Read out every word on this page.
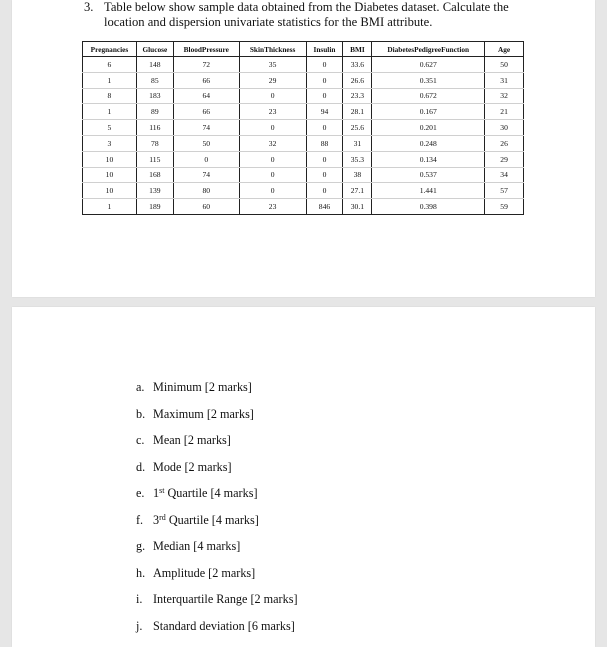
3. Table below show sample data obtained from the Diabetes dataset. Calculate the location and dispersion univariate statistics for the BMI attribute.
Pregnancies	Glucose	BloodPressure	SkinThickness	Insulin	BMI	DiabetesPedigreeFunction	Age
6	148	72	35	0	33.6	0.627	50
1	85	66	29	0	26.6	0.351	31
8	183	64	0	0	23.3	0.672	32
1	89	66	23	94	28.1	0.167	21
5	116	74	0	0	25.6	0.201	30
3	78	50	32	88	31	0.248	26
10	115	0	0	0	35.3	0.134	29
10	168	74	0	0	38	0.537	34
10	139	80	0	0	27.1	1.441	57
1	189	60	23	846	30.1	0.398	59
a. Minimum [2 marks]
b. Maximum [2 marks]
c. Mean [2 marks]
d. Mode [2 marks]
e. 1st Quartile [4 marks]
f. 3rd Quartile [4 marks]
g. Median [4 marks]
h. Amplitude [2 marks]
i. Interquartile Range [2 marks]
j. Standard deviation [6 marks]
